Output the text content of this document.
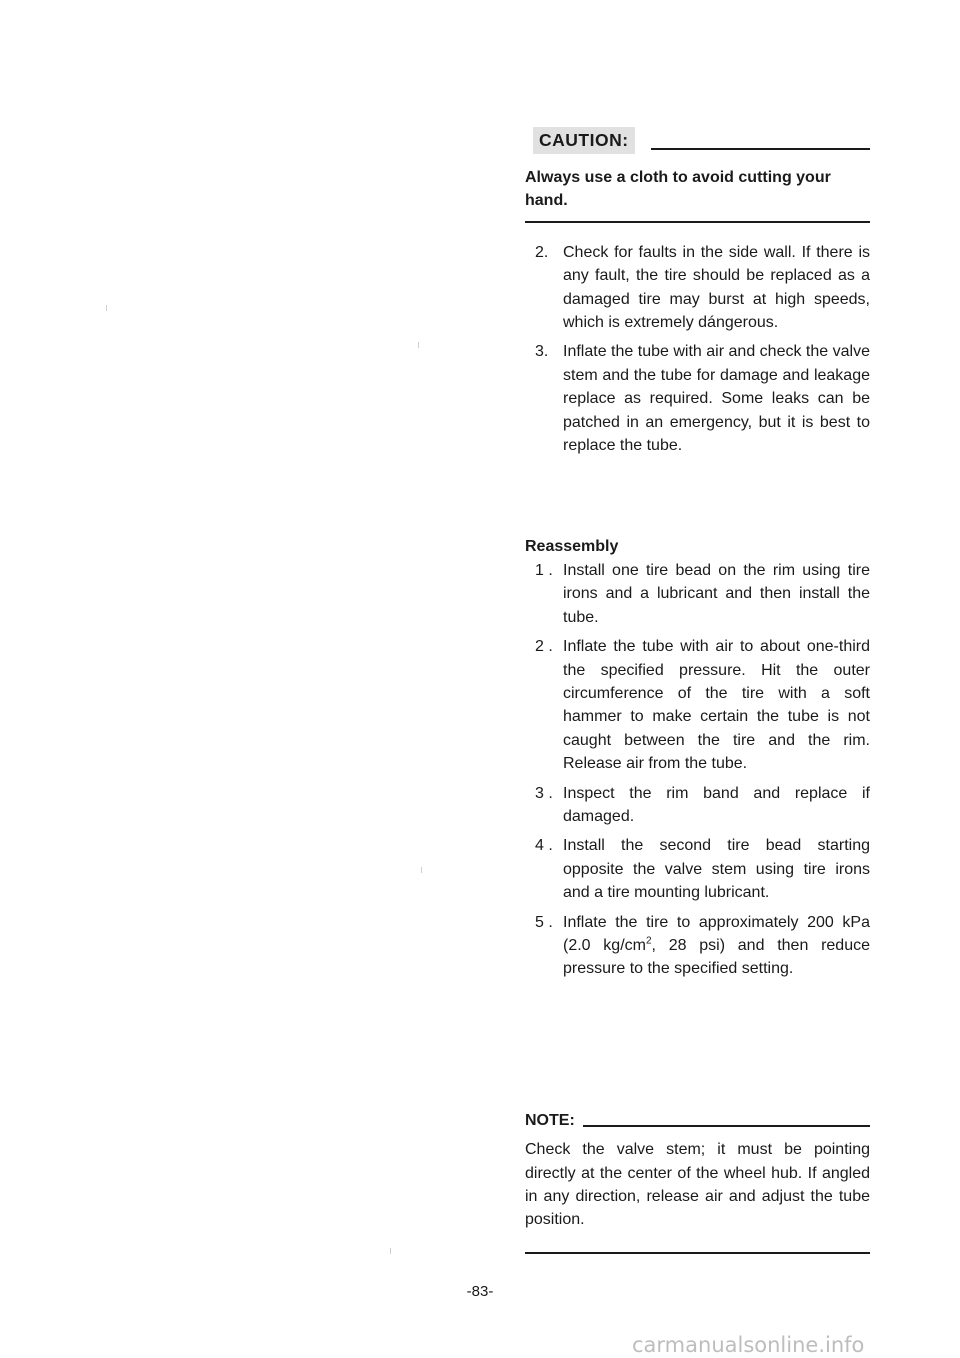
CAUTION:
Always use a cloth to avoid cutting your hand.
2. Check for faults in the side wall. If there is any fault, the tire should be replaced as a damaged tire may burst at high speeds, which is extremely dángerous.
3. Inflate the tube with air and check the valve stem and the tube for damage and leakage replace as required. Some leaks can be patched in an emergency, but it is best to replace the tube.
Reassembly
1 . Install one tire bead on the rim using tire irons and a lubricant and then install the tube.
2 . Inflate the tube with air to about one-third the specified pressure. Hit the outer circumference of the tire with a soft hammer to make certain the tube is not caught between the tire and the rim. Release air from the tube.
3 . Inspect the rim band and replace if damaged.
4 . Install the second tire bead starting opposite the valve stem using tire irons and a tire mounting lubricant.
5 . Inflate the tire to approximately 200 kPa (2.0 $kg/cm^2$, 28 psi) and then reduce pressure to the specified setting.
NOTE:
Check the valve stem; it must be pointing directly at the center of the wheel hub. If angled in any direction, release air and adjust the tube position.
-83-
carmanualsonline.info
